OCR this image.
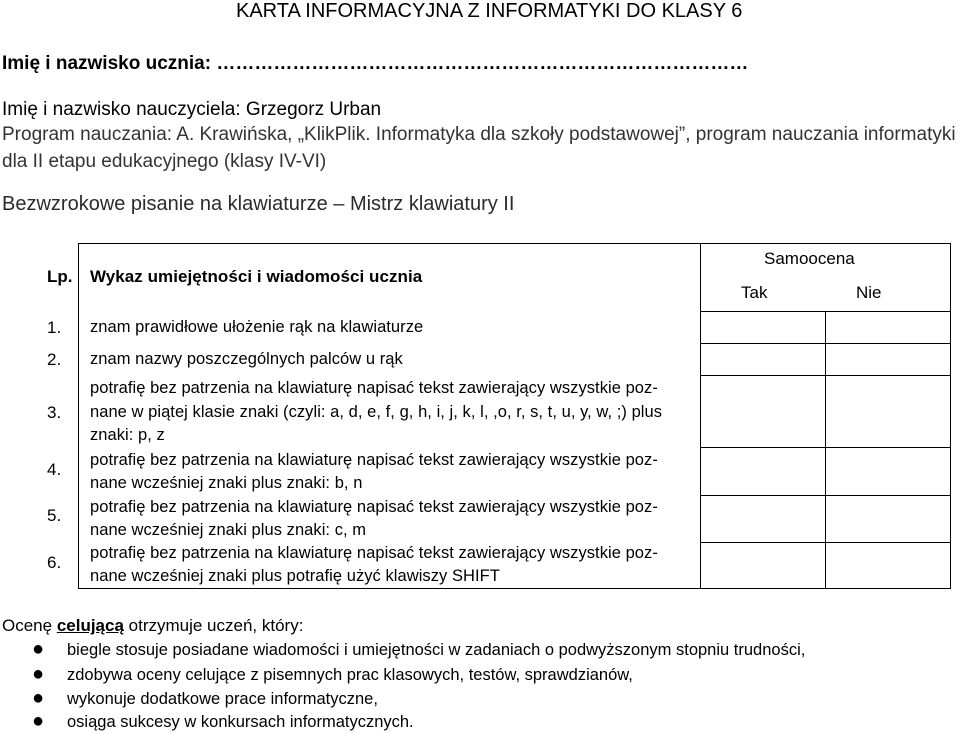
KARTA INFORMACYJNA Z INFORMATYKI DO KLASY 6
Imię i nazwisko ucznia: …………………………………………………………………………
Imię i nazwisko nauczyciela: Grzegorz Urban
Program nauczania: A. Krawińska, „KlikPlik. Informatyka dla szkoły podstawowej”, program nauczania informatyki dla II etapu edukacyjnego (klasy IV-VI)
Bezwzrokowe pisanie na klawiaturze – Mistrz klawiatury II

Lp. Wykaz umiejętności i wiadomości ucznia
Samoocena
Tak	Nie
1. znam prawidłowe ułożenie rąk na klawiaturze
2. znam nazwy poszczególnych palców u rąk
3.
potrafię bez patrzenia na klawiaturę napisać tekst zawierający wszystkie poz-
nane w piątej klasie znaki (czyli: a, d, e, f, g, h, i, j, k, l, ,o, r, s, t, u, y, w, ;) plus
znaki: p, z
4. potrafię bez patrzenia na klawiaturę napisać tekst zawierający wszystkie poz-
nane wcześniej znaki plus znaki: b, n
5. potrafię bez patrzenia na klawiaturę napisać tekst zawierający wszystkie poz-
nane wcześniej znaki plus znaki: c, m
6. potrafię bez patrzenia na klawiaturę napisać tekst zawierający wszystkie poz-
nane wcześniej znaki plus potrafię użyć klawiszy SHIFT
Ocenę celującą otrzymuje uczeń, który:
● biegle stosuje posiadane wiadomości i umiejętności w zadaniach o podwyższonym stopniu trudności,
● zdobywa oceny celujące z pisemnych prac klasowych, testów, sprawdzianów,
● wykonuje dodatkowe prace informatyczne,
● osiąga sukcesy w konkursach informatycznych.
